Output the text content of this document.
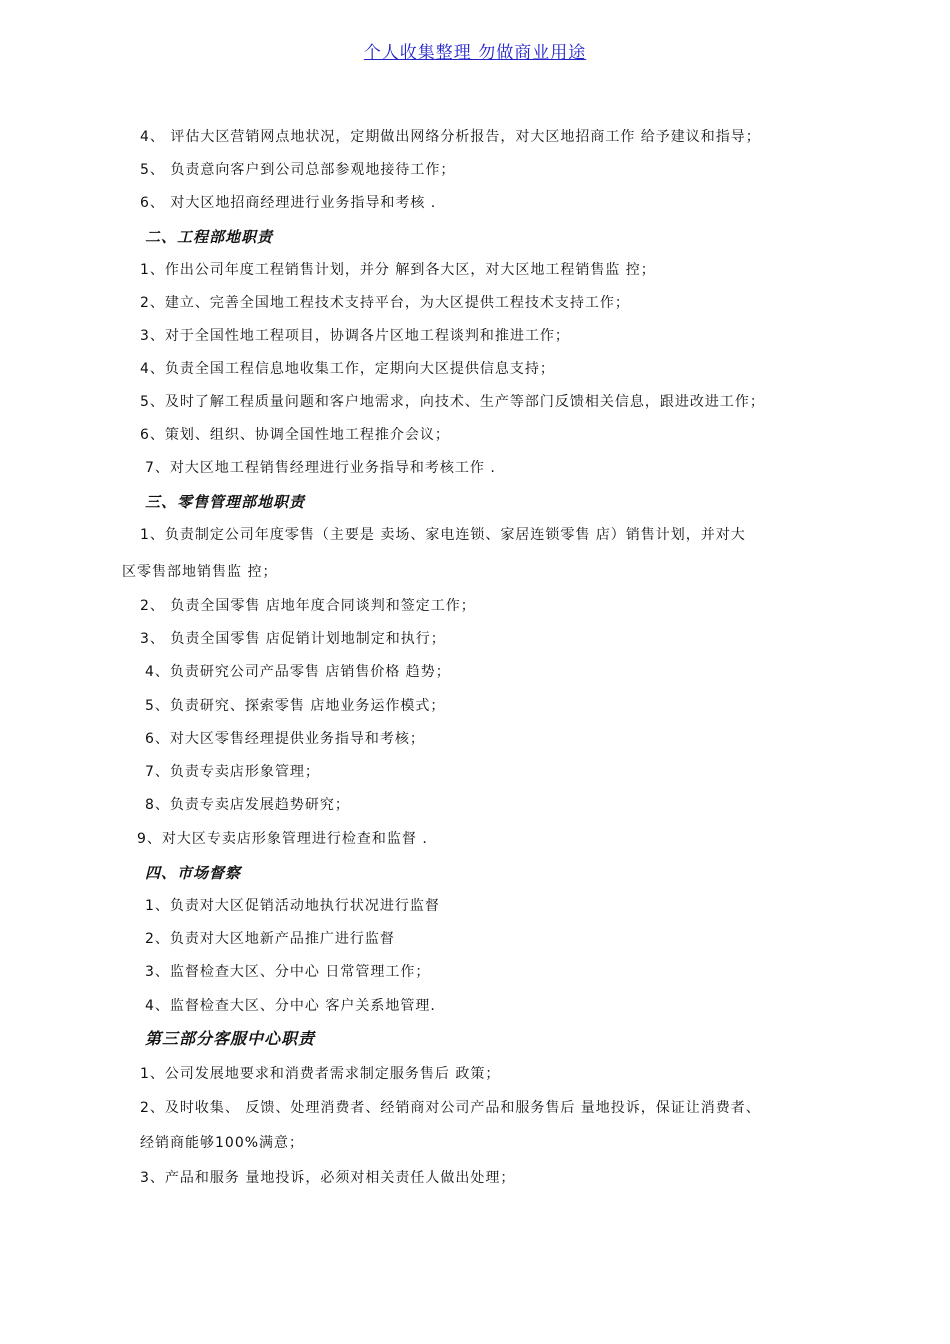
个人收集整理 勿做商业用途
4、 评估大区营销网点地状况，定期做出网络分析报告，对大区地招商工作 给予建议和指导；
5、 负责意向客户到公司总部参观地接待工作；
6、 对大区地招商经理进行业务指导和考核 .
二、工程部地职责
1、作出公司年度工程销售计划，并分 解到各大区，对大区地工程销售监 控；
2、建立、完善全国地工程技术支持平台，为大区提供工程技术支持工作；
3、对于全国性地工程项目，协调各片区地工程谈判和推进工作；
4、负责全国工程信息地收集工作，定期向大区提供信息支持；
5、及时了解工程质量问题和客户地需求，向技术、生产等部门反馈相关信息，跟进改进工作；
6、策划、组织、协调全国性地工程推介会议；
7、对大区地工程销售经理进行业务指导和考核工作 .
三、零售管理部地职责
1、负责制定公司年度零售（主要是 卖场、家电连锁、家居连锁零售 店）销售计划，并对大
区零售部地销售监 控；
2、 负责全国零售 店地年度合同谈判和签定工作；
3、 负责全国零售 店促销计划地制定和执行；
4、负责研究公司产品零售 店销售价格 趋势；
5、负责研究、探索零售 店地业务运作模式；
6、对大区零售经理提供业务指导和考核；
7、负责专卖店形象管理；
8、负责专卖店发展趋势研究；
9、对大区专卖店形象管理进行检查和监督 .
四、市场督察
1、负责对大区促销活动地执行状况进行监督
2、负责对大区地新产品推广进行监督
3、监督检查大区、分中心 日常管理工作；
4、监督检查大区、分中心 客户关系地管理.
第三部分客服中心职责
1、公司发展地要求和消费者需求制定服务售后 政策；
2、及时收集、 反馈、处理消费者、经销商对公司产品和服务售后 量地投诉，保证让消费者、
经销商能够100%满意；
3、产品和服务 量地投诉，必须对相关责任人做出处理；
